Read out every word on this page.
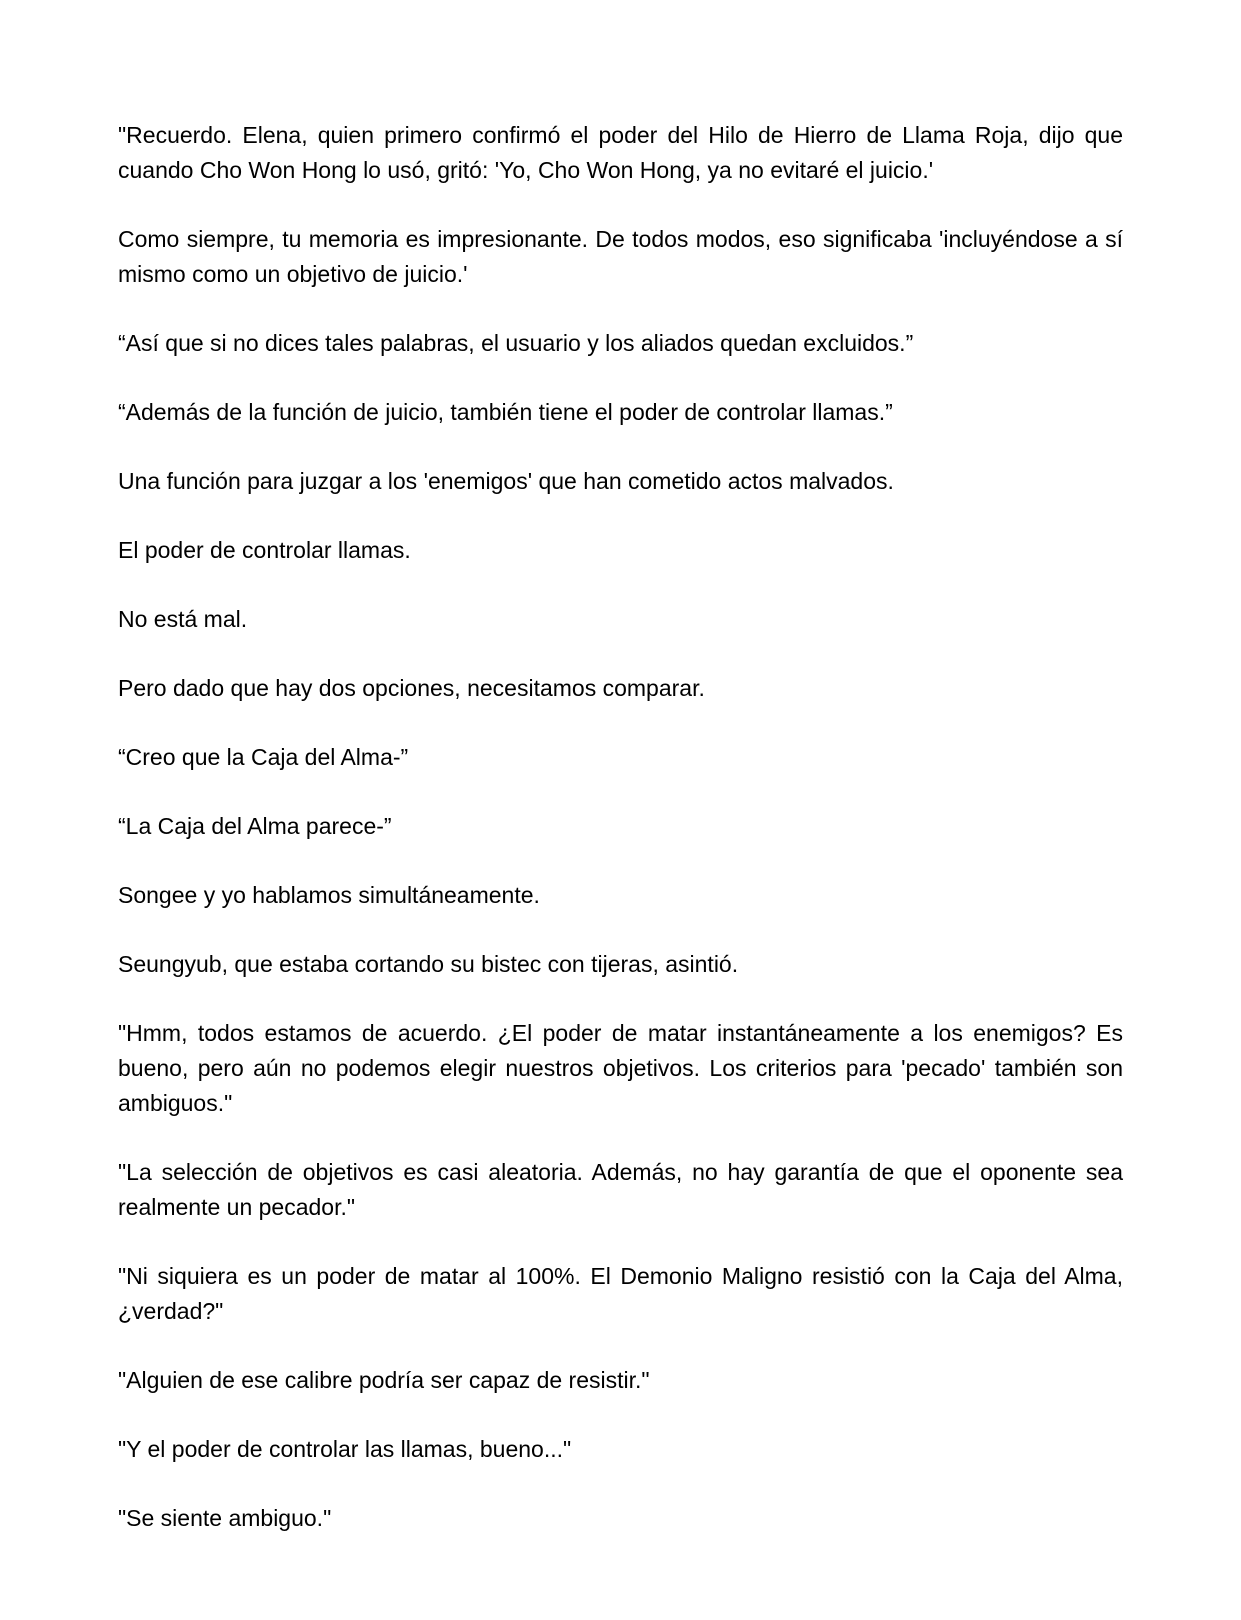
"Recuerdo. Elena, quien primero confirmó el poder del Hilo de Hierro de Llama Roja, dijo que cuando Cho Won Hong lo usó, gritó: 'Yo, Cho Won Hong, ya no evitaré el juicio.'

Como siempre, tu memoria es impresionante. De todos modos, eso significaba 'incluyéndose a sí mismo como un objetivo de juicio.'

“Así que si no dices tales palabras, el usuario y los aliados quedan excluidos.”

“Además de la función de juicio, también tiene el poder de controlar llamas.”

Una función para juzgar a los 'enemigos' que han cometido actos malvados.

El poder de controlar llamas.

No está mal.

Pero dado que hay dos opciones, necesitamos comparar.

“Creo que la Caja del Alma-”

“La Caja del Alma parece-”

Songee y yo hablamos simultáneamente.

Seungyub, que estaba cortando su bistec con tijeras, asintió.

"Hmm, todos estamos de acuerdo. ¿El poder de matar instantáneamente a los enemigos? Es bueno, pero aún no podemos elegir nuestros objetivos. Los criterios para 'pecado' también son ambiguos."

"La selección de objetivos es casi aleatoria. Además, no hay garantía de que el oponente sea realmente un pecador."

"Ni siquiera es un poder de matar al 100%. El Demonio Maligno resistió con la Caja del Alma, ¿verdad?"

"Alguien de ese calibre podría ser capaz de resistir."

"Y el poder de controlar las llamas, bueno..."

"Se siente ambiguo."
